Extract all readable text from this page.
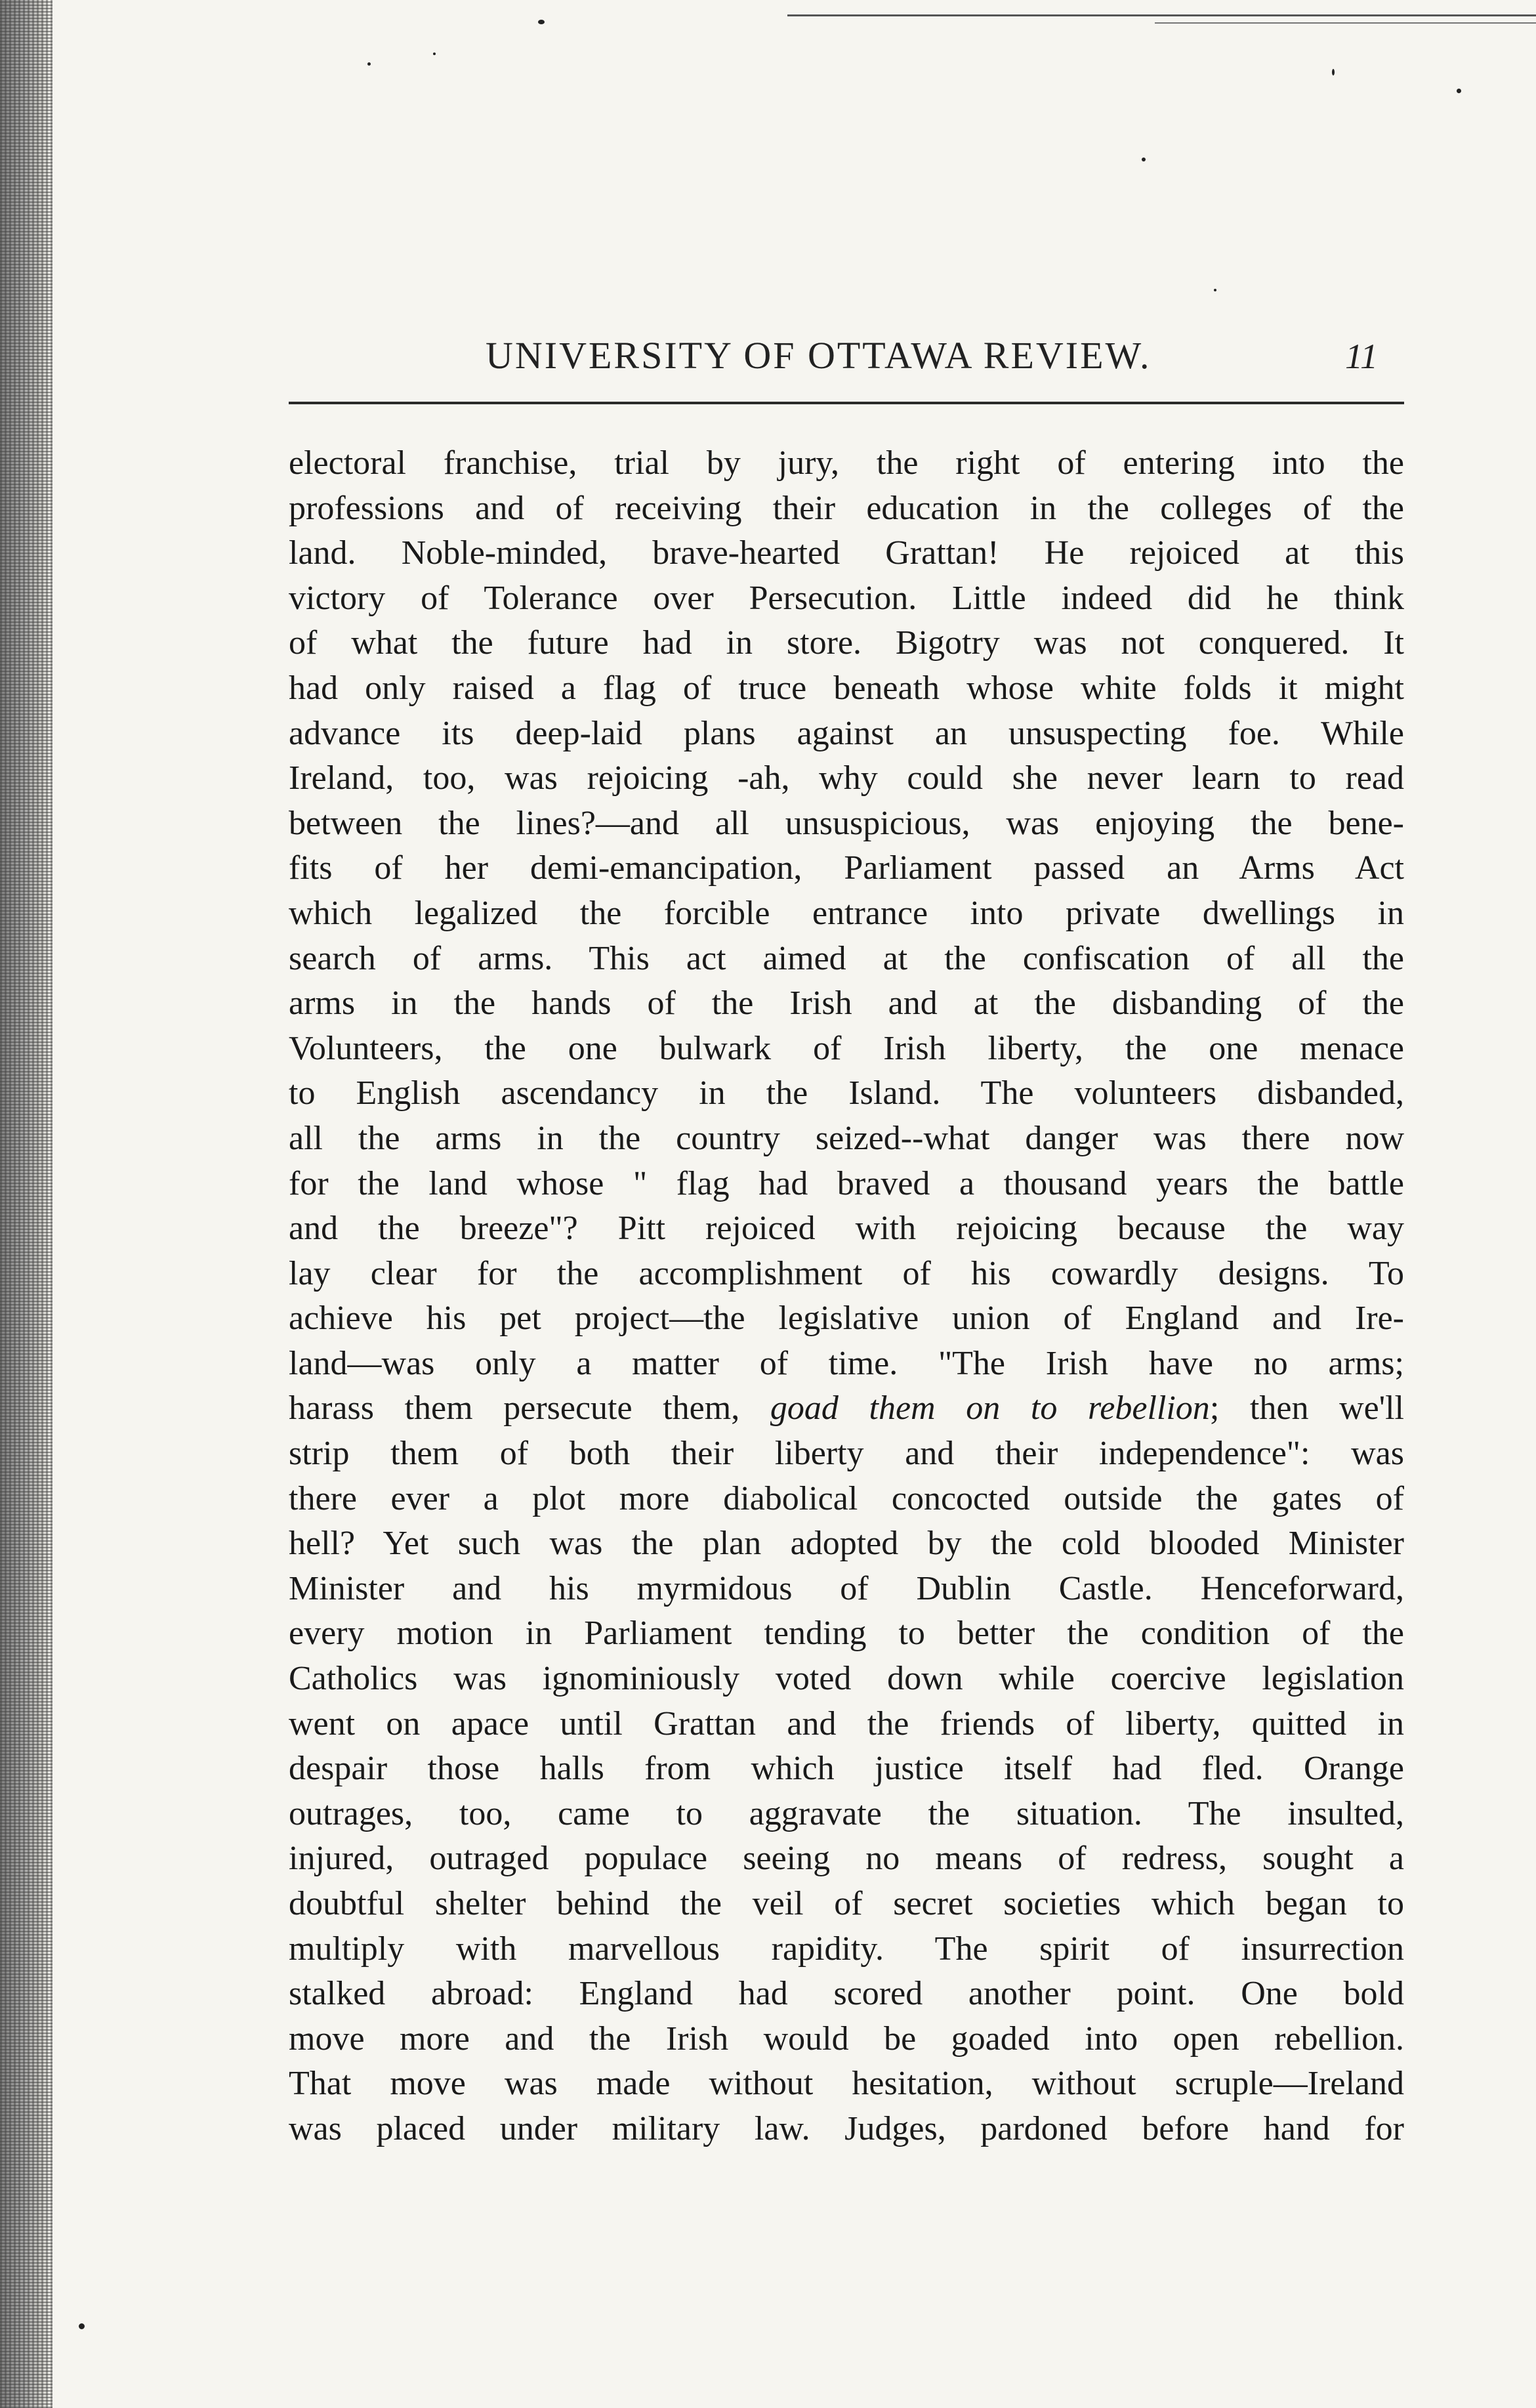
UNIVERSITY OF OTTAWA REVIEW.	11
electoral franchise, trial by jury, the right of entering into the
professions and of receiving their education in the colleges of the
land. Noble-minded, brave-hearted Grattan! He rejoiced at this
victory of Tolerance over Persecution. Little indeed did he think
of what the future had in store. Bigotry was not conquered. It
had only raised a flag of truce beneath whose white folds it might
advance its deep-laid plans against an unsuspecting foe. While
Ireland, too, was rejoicing -ah, why could she never learn to read
between the lines?—and all unsuspicious, was enjoying the bene-
fits of her demi-emancipation, Parliament passed an Arms Act
which legalized the forcible entrance into private dwellings in
search of arms. This act aimed at the confiscation of all the
arms in the hands of the Irish and at the disbanding of the
Volunteers, the one bulwark of Irish liberty, the one menace
to English ascendancy in the Island. The volunteers disbanded,
all the arms in the country seized--what danger was there now
for the land whose " flag had braved a thousand years the battle
and the breeze"? Pitt rejoiced with rejoicing because the way
lay clear for the accomplishment of his cowardly designs. To
achieve his pet project—the legislative union of England and Ire-
land—was only a matter of time. "The Irish have no arms;
harass them persecute them, goad them on to rebellion; then we'll
strip them of both their liberty and their independence": was
there ever a plot more diabolical concocted outside the gates of
hell? Yet such was the plan adopted by the cold blooded Minister
Minister and his myrmidous of Dublin Castle. Henceforward,
every motion in Parliament tending to better the condition of the
Catholics was ignominiously voted down while coercive legislation
went on apace until Grattan and the friends of liberty, quitted in
despair those halls from which justice itself had fled. Orange
outrages, too, came to aggravate the situation. The insulted,
injured, outraged populace seeing no means of redress, sought a
doubtful shelter behind the veil of secret societies which began to
multiply with marvellous rapidity. The spirit of insurrection
stalked abroad: England had scored another point. One bold
move more and the Irish would be goaded into open rebellion.
That move was made without hesitation, without scruple—Ireland
was placed under military law. Judges, pardoned before hand for
